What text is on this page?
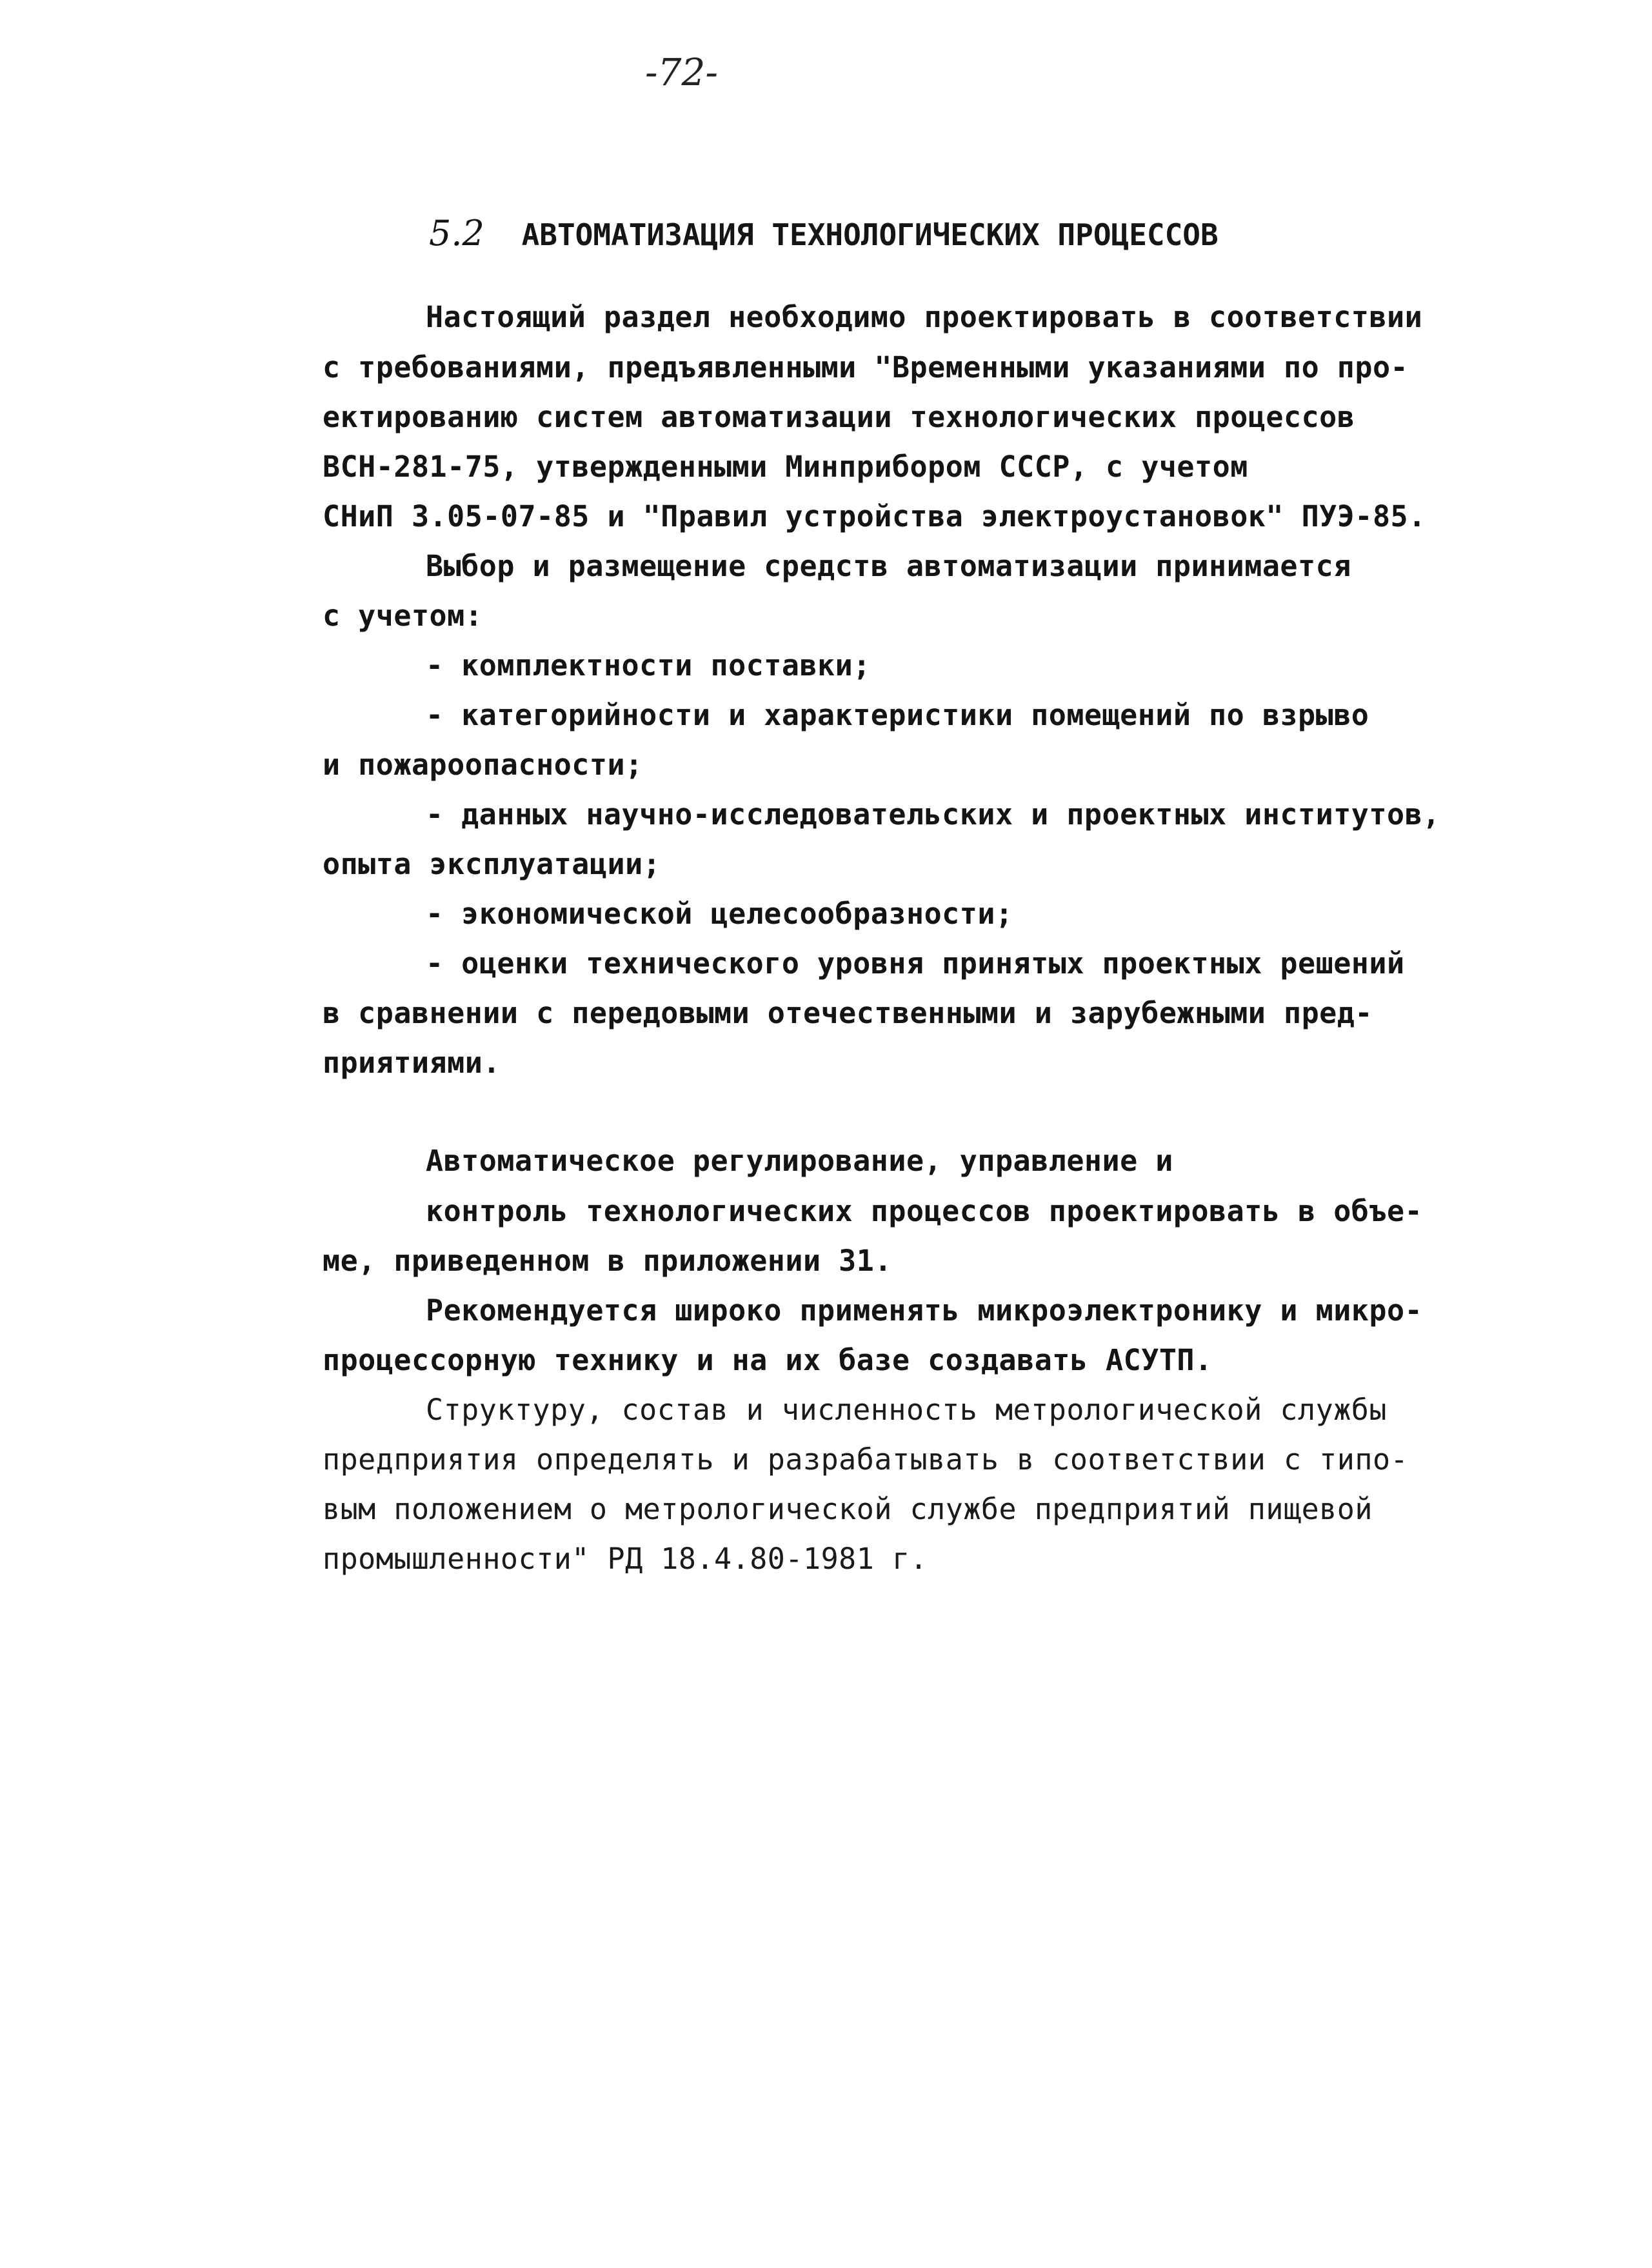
-72-
5.2 АВТОМАТИЗАЦИЯ ТЕХНОЛОГИЧЕСКИХ ПРОЦЕССОВ
Настоящий раздел необходимо проектировать в соответствии
с требованиями, предъявленными "Временными указаниями по про-
ектированию систем автоматизации технологических процессов
ВСН-281-75, утвержденными Минприбором СССР, с учетом
СНиП 3.05-07-85 и "Правил устройства электроустановок" ПУЭ-85.
Выбор и размещение средств автоматизации принимается
с учетом:
- комплектности поставки;
- категорийности и характеристики помещений по взрыво
и пожароопасности;
- данных научно-исследовательских и проектных институтов,
опыта эксплуатации;
- экономической целесообразности;
- оценки технического уровня принятых проектных решений
в сравнении с передовыми отечественными и зарубежными пред-
приятиями.
Автоматическое регулирование, управление и
контроль технологических процессов проектировать в объе-
ме, приведенном в приложении 31.
Рекомендуется широко применять микроэлектронику и микро-
процессорную технику и на их базе создавать АСУТП.
Структуру, состав и численность метрологической службы
предприятия определять и разрабатывать в соответствии с типо-
вым положением о метрологической службе предприятий пищевой
промышленности" РД 18.4.80-1981 г.
